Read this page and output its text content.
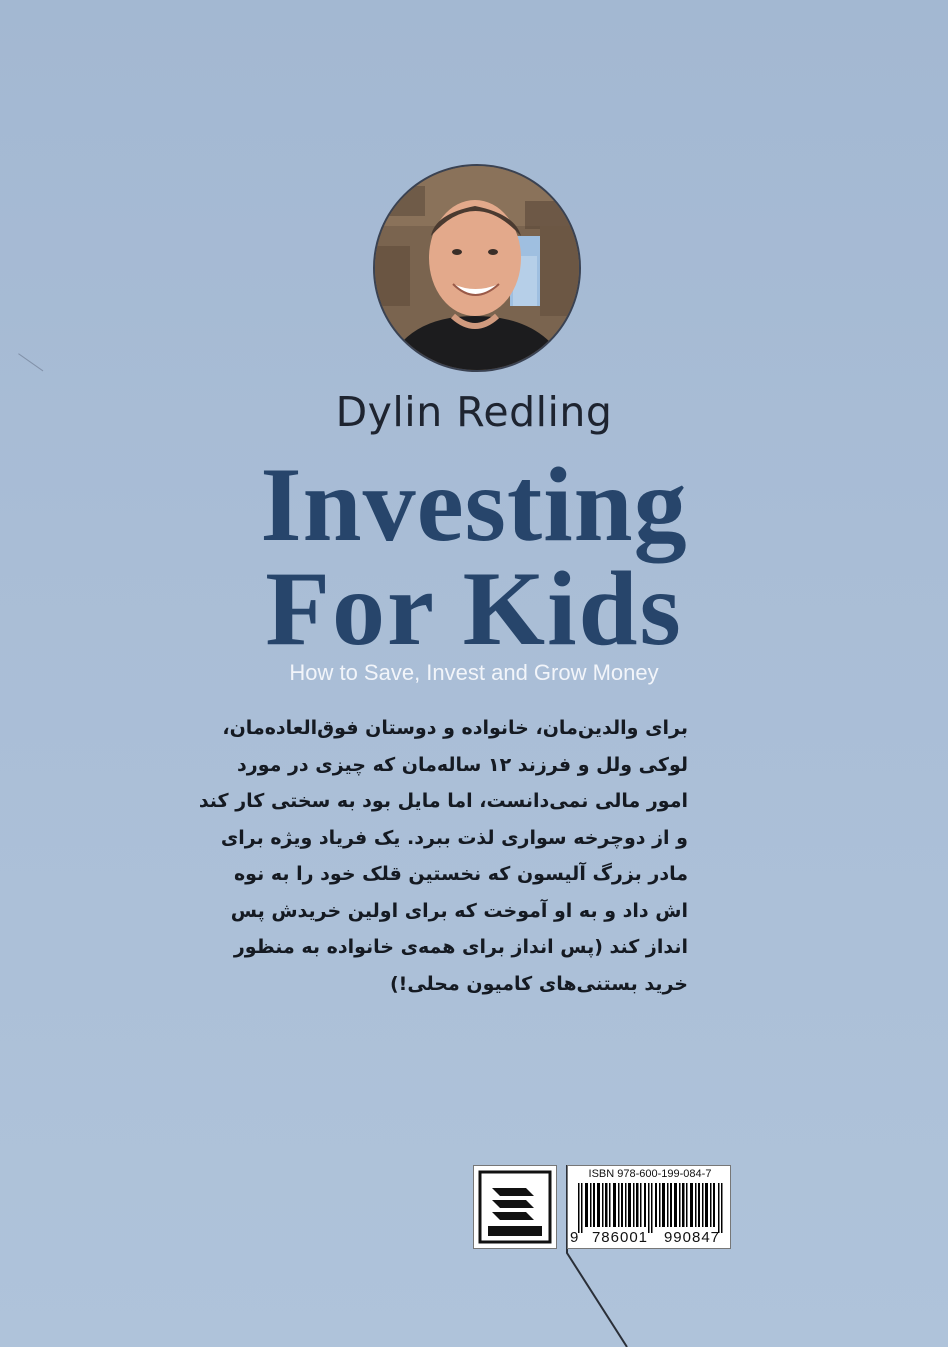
Dylin Redling
Investing
For Kids
How to Save, Invest and Grow Money
برای والدین‌مان، خانواده و دوستان فوق‌العاده‌مان،
لوکی ولل و فرزند ۱۲ ساله‌مان که چیزی در مورد
امور مالی نمی‌دانست، اما مایل بود به سختی کار کند
و از دوچرخه سواری لذت ببرد. یک فریاد ویژه برای
مادر بزرگ آلیسون که نخستین قلک خود را به نوه
اش داد و به او آموخت که برای اولین خریدش پس
انداز کند (پس انداز برای همه‌ی خانواده به منظور
خرید بستنی‌های کامیون محلی!)
ISBN 978-600-199-084-7
9 786001	990847
